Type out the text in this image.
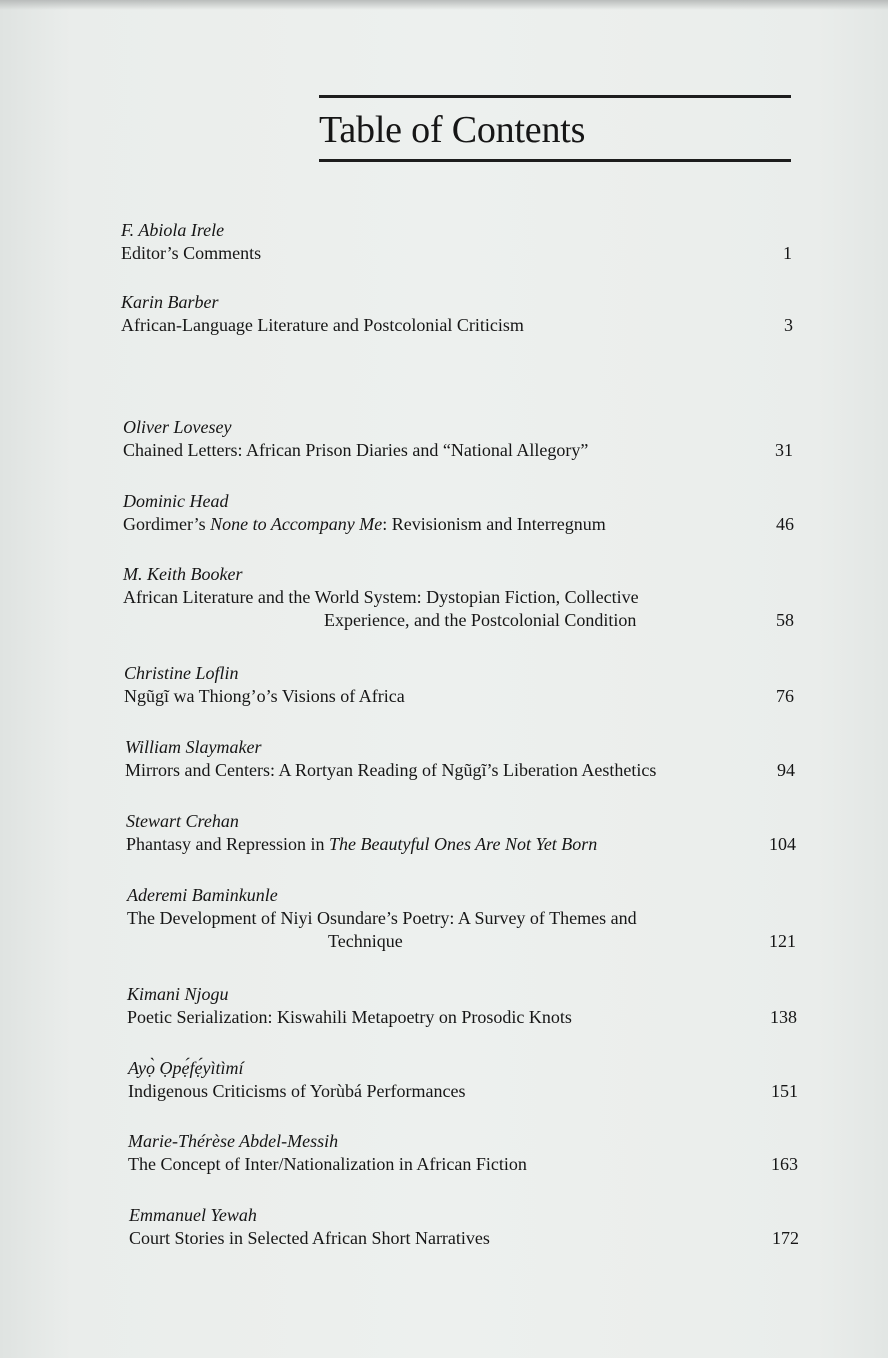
Table of Contents
F. Abiola Irele
Editor’s Comments	1
Karin Barber
African-Language Literature and Postcolonial Criticism	3
Oliver Lovesey
Chained Letters: African Prison Diaries and “National Allegory”	31
Dominic Head
Gordimer’s None to Accompany Me: Revisionism and Interregnum	46
M. Keith Booker
African Literature and the World System: Dystopian Fiction, Collective
Experience, and the Postcolonial Condition	58
Christine Loflin
Ngũgĩ wa Thiong’o’s Visions of Africa	76
William Slaymaker
Mirrors and Centers: A Rortyan Reading of Ngũgĩ’s Liberation Aesthetics	94
Stewart Crehan
Phantasy and Repression in The Beautyful Ones Are Not Yet Born	104
Aderemi Baminkunle
The Development of Niyi Osundare’s Poetry: A Survey of Themes and
Technique	121
Kimani Njogu
Poetic Serialization: Kiswahili Metapoetry on Prosodic Knots	138
Ayọ̀ Ọpẹ́fẹ́yìtìmí
Indigenous Criticisms of Yorùbá Performances	151
Marie-Thérèse Abdel-Messih
The Concept of Inter/Nationalization in African Fiction	163
Emmanuel Yewah
Court Stories in Selected African Short Narratives	172
